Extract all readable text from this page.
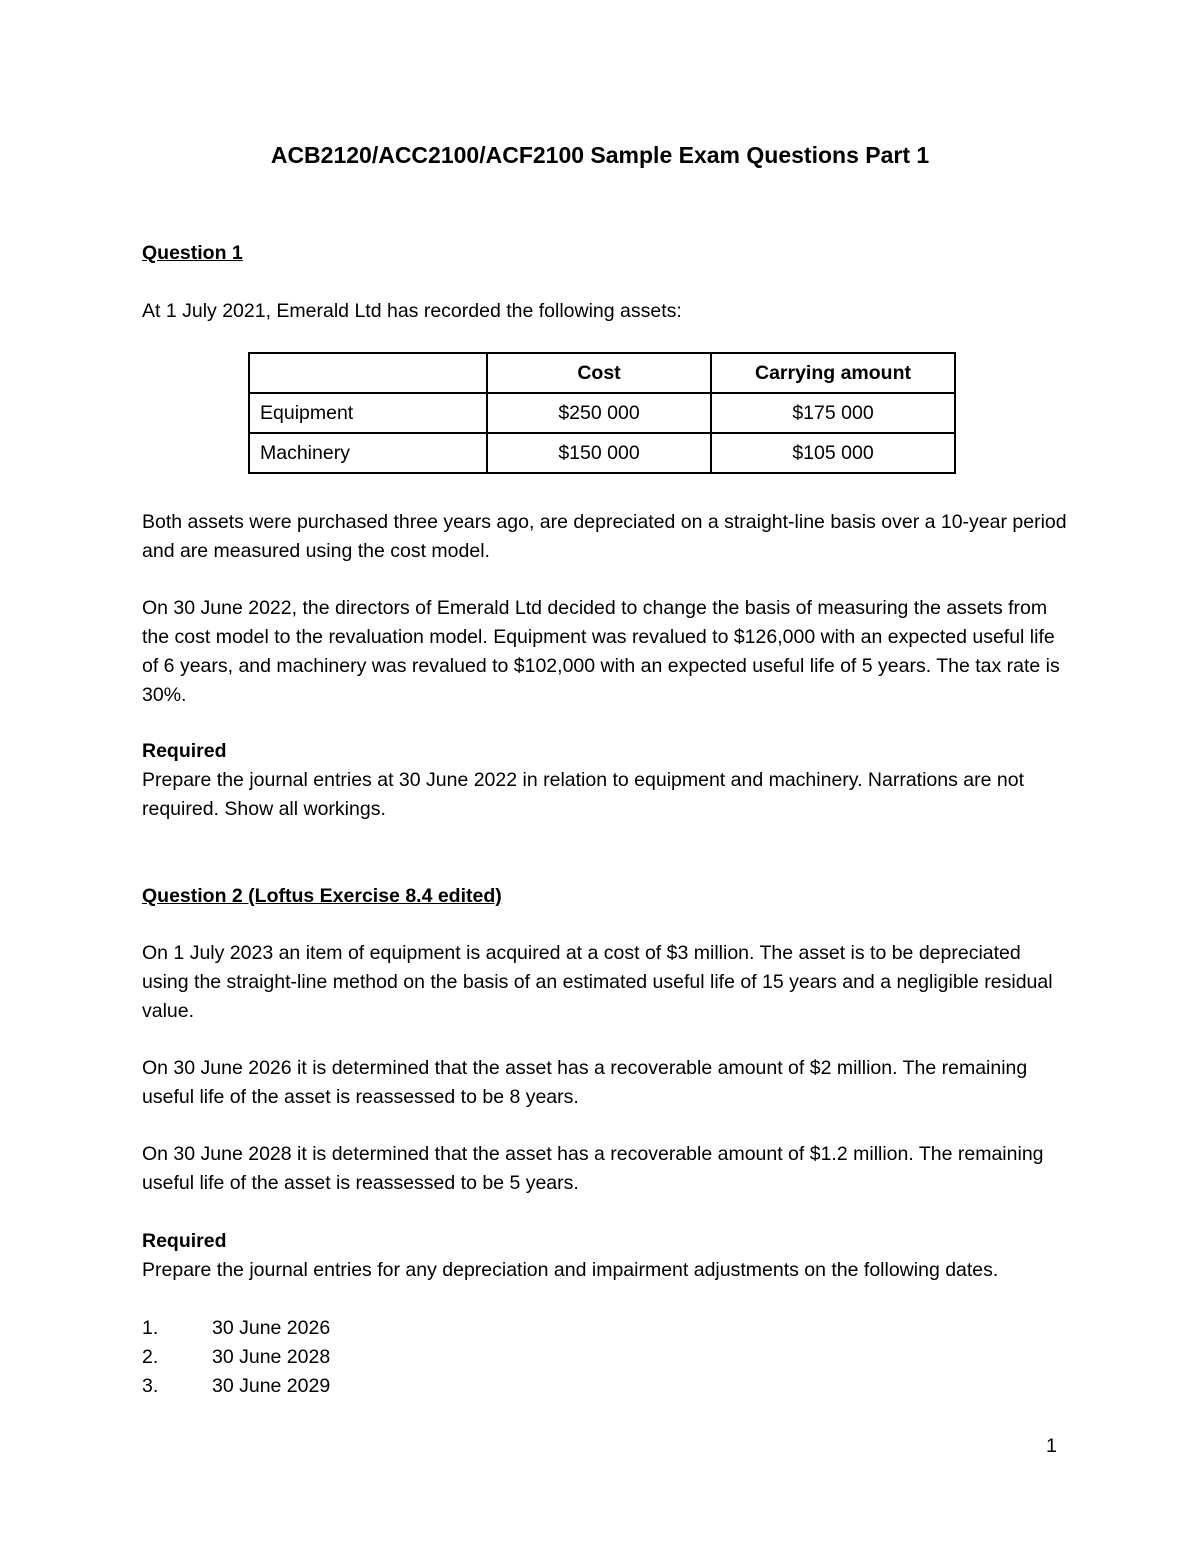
ACB2120/ACC2100/ACF2100 Sample Exam Questions Part 1
Question 1
At 1 July 2021, Emerald Ltd has recorded the following assets:
	Cost	Carrying amount
Equipment	$250 000	$175 000
Machinery	$150 000	$105 000
Both assets were purchased three years ago, are depreciated on a straight-line basis over a 10-year period and are measured using the cost model.
On 30 June 2022, the directors of Emerald Ltd decided to change the basis of measuring the assets from the cost model to the revaluation model. Equipment was revalued to $126,000 with an expected useful life of 6 years, and machinery was revalued to $102,000 with an expected useful life of 5 years. The tax rate is 30%.
Required
Prepare the journal entries at 30 June 2022 in relation to equipment and machinery. Narrations are not required. Show all workings.
Question 2 (Loftus Exercise 8.4 edited)
On 1 July 2023 an item of equipment is acquired at a cost of $3 million. The asset is to be depreciated using the straight-line method on the basis of an estimated useful life of 15 years and a negligible residual value.
On 30 June 2026 it is determined that the asset has a recoverable amount of $2 million. The remaining useful life of the asset is reassessed to be 8 years.
On 30 June 2028 it is determined that the asset has a recoverable amount of $1.2 million. The remaining useful life of the asset is reassessed to be 5 years.
Required
Prepare the journal entries for any depreciation and impairment adjustments on the following dates.
1.	30 June 2026
2.	30 June 2028
3.	30 June 2029
1
